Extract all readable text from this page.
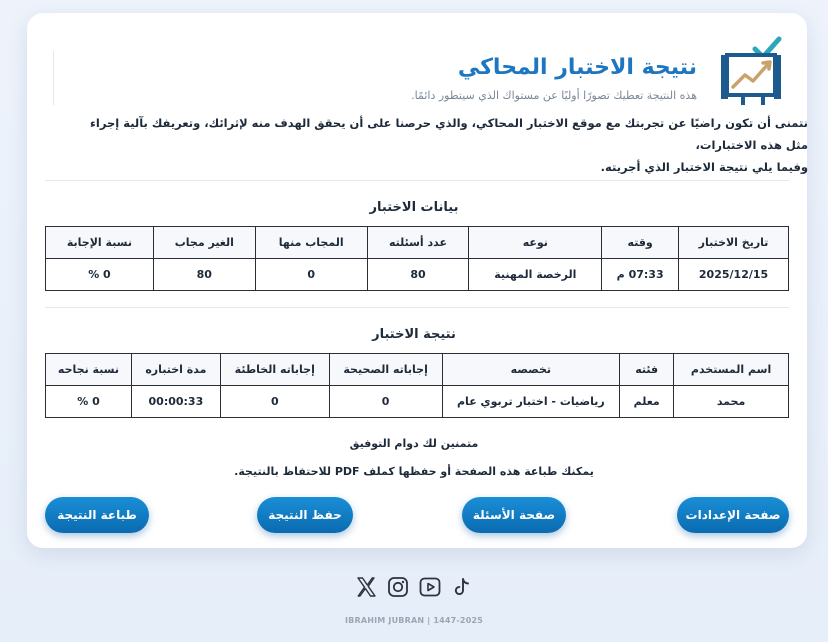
نتيجة الاختبار المحاكي
هذه النتيجة تعطيك تصورًا أوليًا عن مستواك الذي سيتطور دائمًا.
نتمنى أن تكون راضيًا عن تجربتك مع موقع الاختبار المحاكي، والذي حرصنا على أن يحقق الهدف منه لإثرائك، وتعريفك بآلية إجراء مثل هذه الاختبارات،
وفيما يلي نتيجة الاختبار الذي أجريته.
بيانات الاختبار
تاريخ الاختبار	وقته	نوعه	عدد أسئلته	المجاب منها	الغير مجاب	نسبة الإجابة
2025/12/15	07:33 م	الرخصة المهنية	80	0	80	0 %
نتيجة الاختبار
اسم المستخدم	فئته	تخصصه	إجاباته الصحيحة	إجاباته الخاطئة	مدة اختباره	نسبة نجاحه
محمد	معلم	رياضيات - اختبار تربوي عام	0	0	00:00:33	0 %
متمنين لك دوام التوفيق
يمكنك طباعة هذه الصفحة أو حفظها كملف PDF للاحتفاظ بالنتيجة.
صفحة الإعدادات
صفحة الأسئلة
حفظ النتيجة
طباعة النتيجة
IBRAHIM JUBRAN | 1447-2025
